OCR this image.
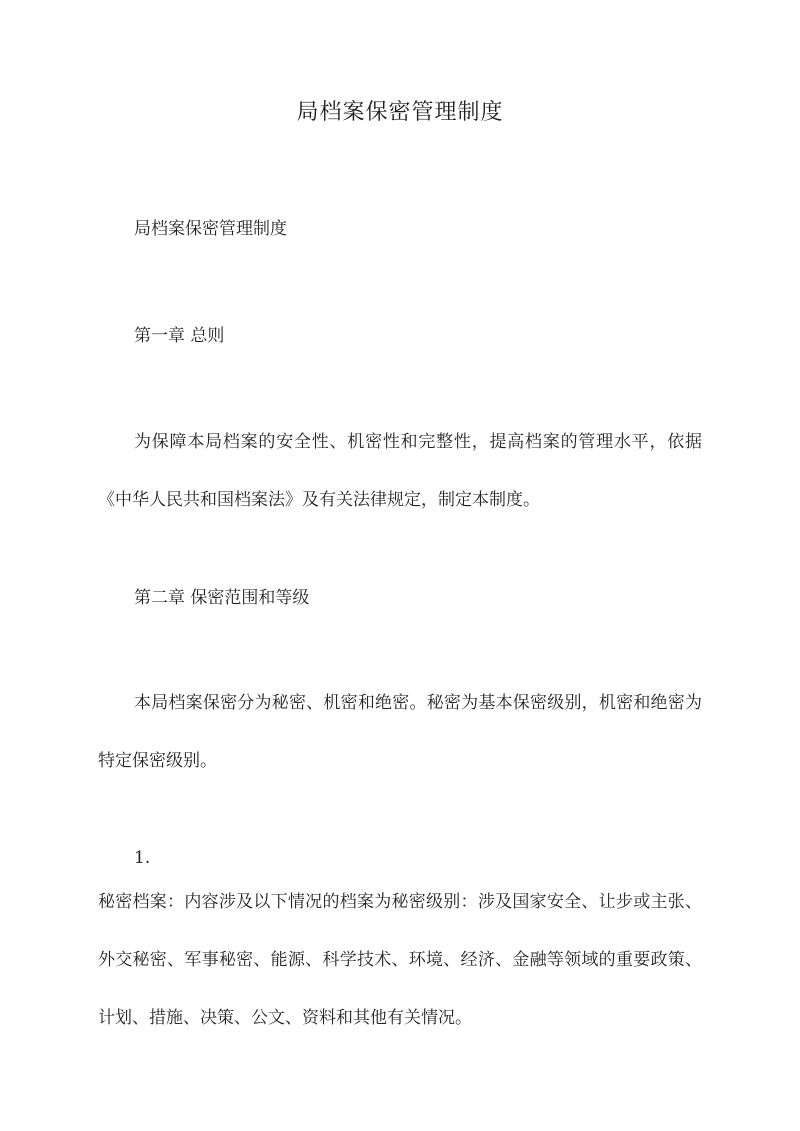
局档案保密管理制度
局档案保密管理制度
第一章 总则
为保障本局档案的安全性、机密性和完整性，提高档案的管理水平，依据《中华人民共和国档案法》及有关法律规定，制定本制度。
第二章 保密范围和等级
本局档案保密分为秘密、机密和绝密。秘密为基本保密级别，机密和绝密为特定保密级别。
1.
秘密档案：内容涉及以下情况的档案为秘密级别：涉及国家安全、让步或主张、外交秘密、军事秘密、能源、科学技术、环境、经济、金融等领域的重要政策、计划、措施、决策、公文、资料和其他有关情况。
